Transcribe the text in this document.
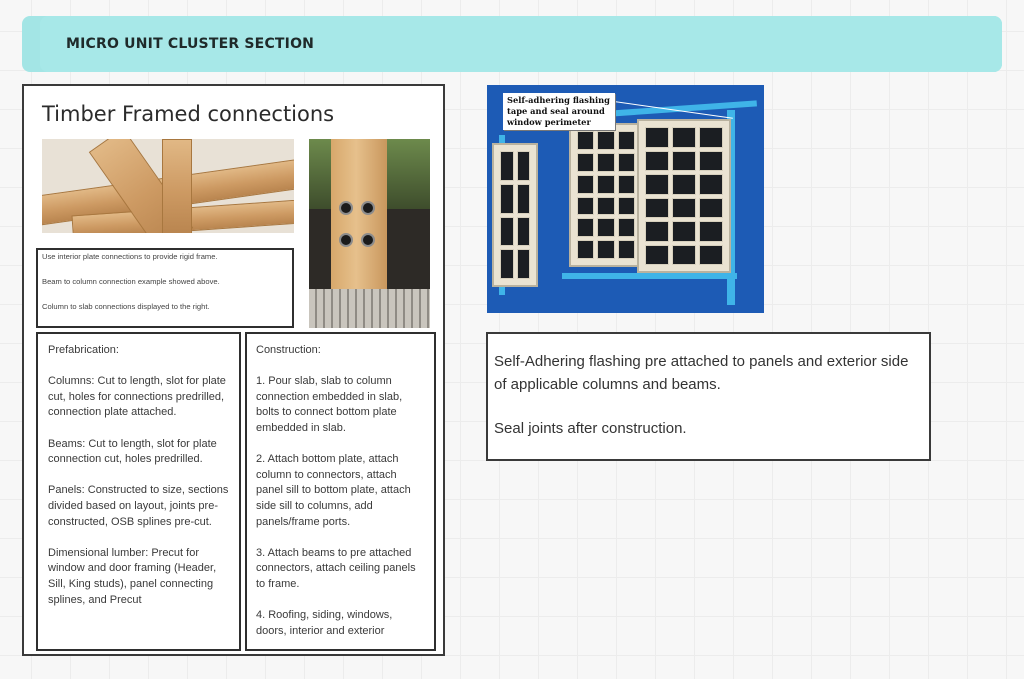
MICRO UNIT CLUSTER SECTION
Timber Framed connections

Use interior plate connections to provide rigid frame.

Beam to column connection example showed above.

Column to slab connections displayed to the right.

Prefabrication:

Columns: Cut to length, slot for plate cut, holes for connections predrilled, connection plate attached.

Beams: Cut to length, slot for plate connection cut, holes predrilled.

Panels: Constructed to size, sections divided based on layout, joints pre-constructed, OSB splines pre-cut.

Dimensional lumber: Precut for window and door framing (Header, Sill, King studs), panel connecting splines, and Precut

Construction:

1. Pour slab, slab to column connection embedded in slab, bolts to connect bottom plate embedded in slab.

2. Attach bottom plate, attach column to connectors, attach panel sill to bottom plate, attach side sill to columns, add panels/frame ports.

3. Attach beams to pre attached connectors, attach ceiling panels to frame.

4. Roofing, siding, windows, doors, interior and exterior

Self-adhering flashing tape and seal around window perimeter

Self-Adhering flashing pre attached to panels and exterior side of applicable columns and beams.

Seal joints after construction.
